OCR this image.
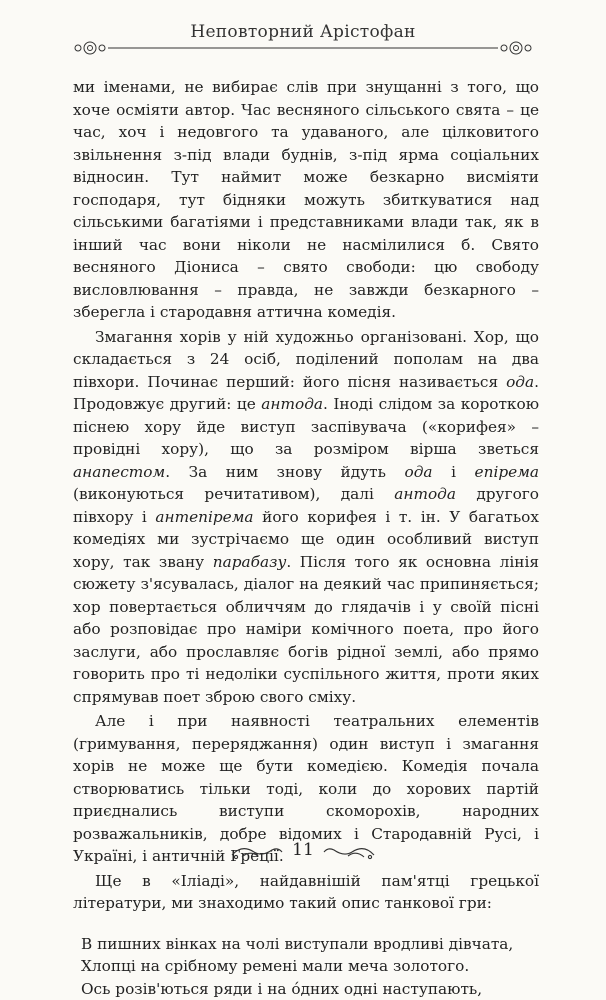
Неповторний Арістофан

ми іменами, не вибирає слів при знущанні з того, що хоче осміяти автор. Час весняного сільського свята – це час, хоч і недовгого та удаваного, але цілковитого звільнення з-під влади буднів, з-під ярма соціальних відносин. Тут наймит може безкарно висміяти господаря, тут бідняки можуть збиткуватися над сільськими багатіями і представниками влади так, як в інший час вони ніколи не насмілилися б. Свято весняного Діониса – свято свободи: цю свободу висловлювання – правда, не завжди безкарного – зберегла і стародавня аттична комедія.

Змагання хорів у ній художньо організовані. Хор, що складається з 24 осіб, поділений пополам на два півхори. Починає перший: його пісня називається ода. Продовжує другий: це антода. Іноді слідом за короткою піснею хору йде виступ заспівувача («корифея» – провідні хору), що за розміром вірша зветься анапестом. За ним знову йдуть ода і епірема (виконуються речитативом), далі антода другого півхору і антепірема його корифея і т. ін. У багатьох комедіях ми зустрічаємо ще один особливий виступ хору, так звану парабазу. Після того як основна лінія сюжету з'ясувалась, діалог на деякий час припиняється; хор повертається обличчям до глядачів і у своїй пісні або розповідає про наміри комічного поета, про його заслуги, або прославляє богів рідної землі, або прямо говорить про ті недоліки суспільного життя, проти яких спрямував поет зброю свого сміху.

Але і при наявності театральних елементів (гримування, переряджання) один виступ і змагання хорів не може ще бути комедією. Комедія почала створюватись тільки тоді, коли до хорових партій приєднались виступи скоморохів, народних розважальників, добре відомих і Стародавній Русі, і Україні, і античній Греції.

Ще в «Іліаді», найдавнішій пам'ятці грецької літератури, ми знаходимо такий опис танкової гри:

В пишних вінках на чолі виступали вродливі дівчата,
Хлопці на срібному ремені мали меча золотого.
Ось розів'ються ряди і на óдних одні наступають,
11
